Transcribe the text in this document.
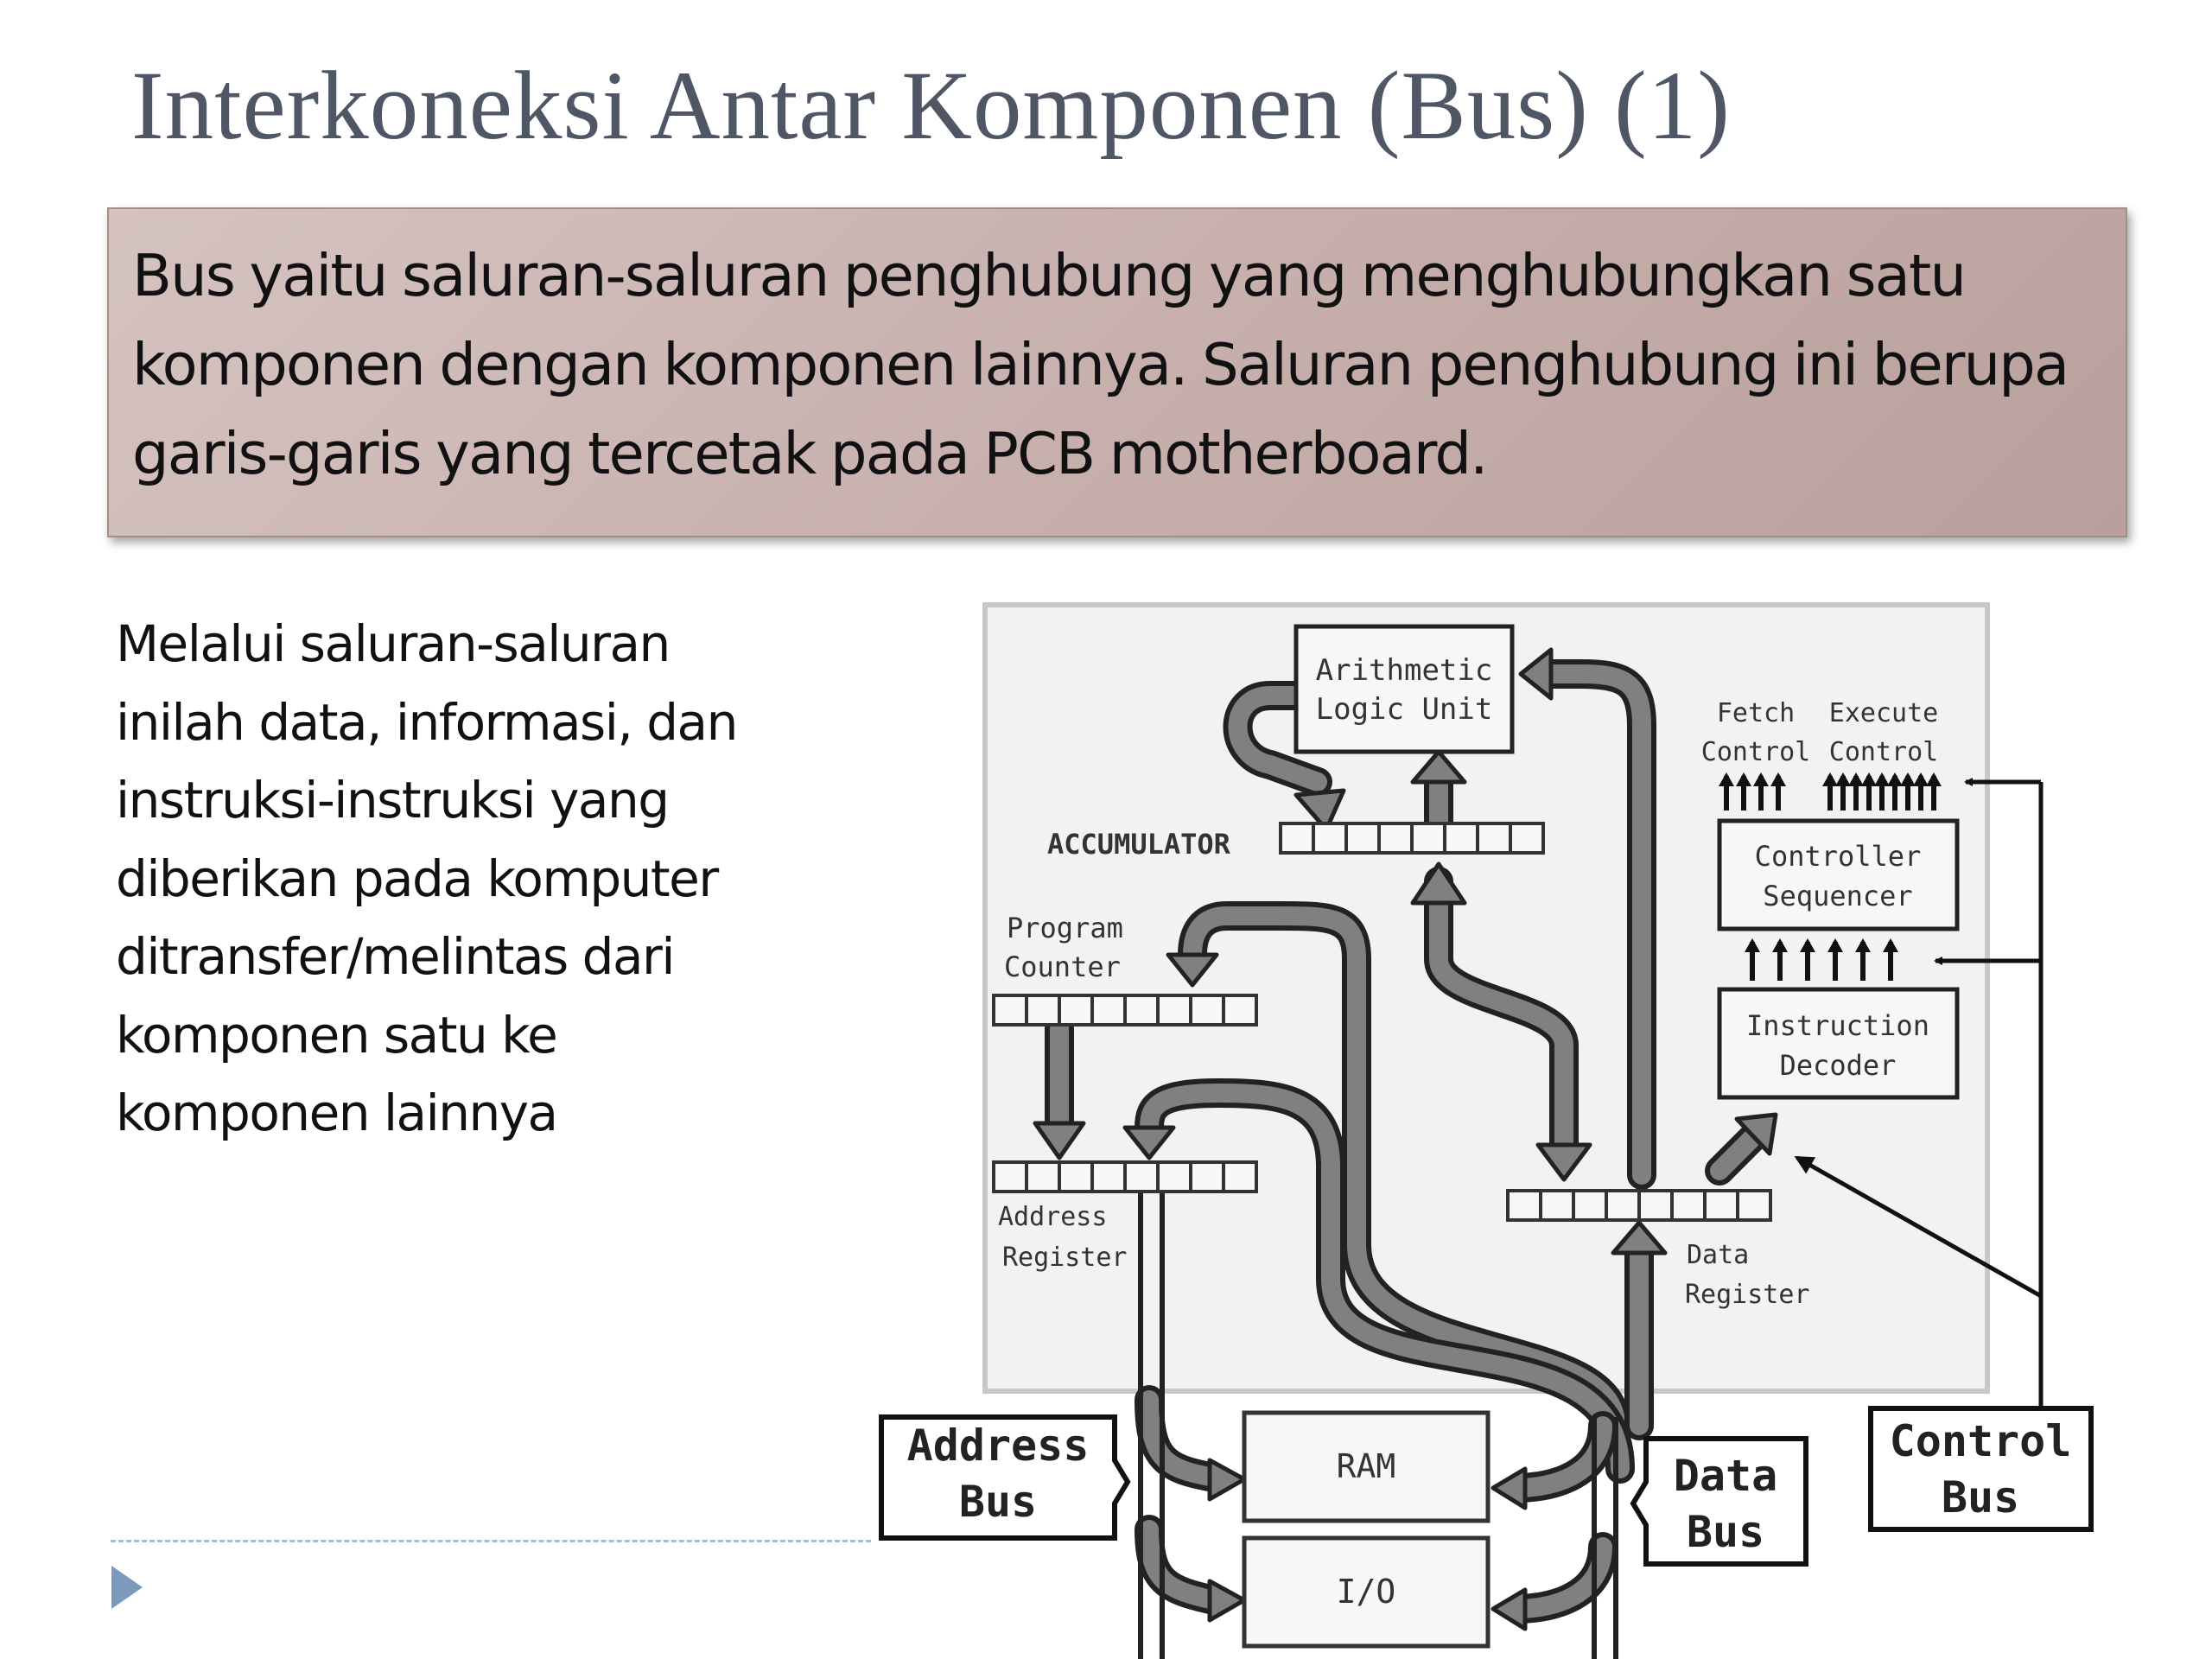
Interkoneksi Antar Komponen (Bus) (1)
Bus yaitu saluran-saluran penghubung yang menghubungkan satu komponen dengan komponen lainnya. Saluran penghubung ini berupa garis-garis yang tercetak pada PCB motherboard.
Melalui saluran-saluran
inilah data, informasi, dan
instruksi-instruksi yang
diberikan pada komputer
ditransfer/melintas dari
komponen satu ke
komponen lainnya
Arithmetic
Logic Unit
ACCUMULATOR
Program
Counter
Address
Register	Data
Register
Fetch
Control
Execute
Control
Controller
Sequencer
Instruction
Decoder
RAM
I/O
Address
Bus
Data
Bus
Control
Bus
